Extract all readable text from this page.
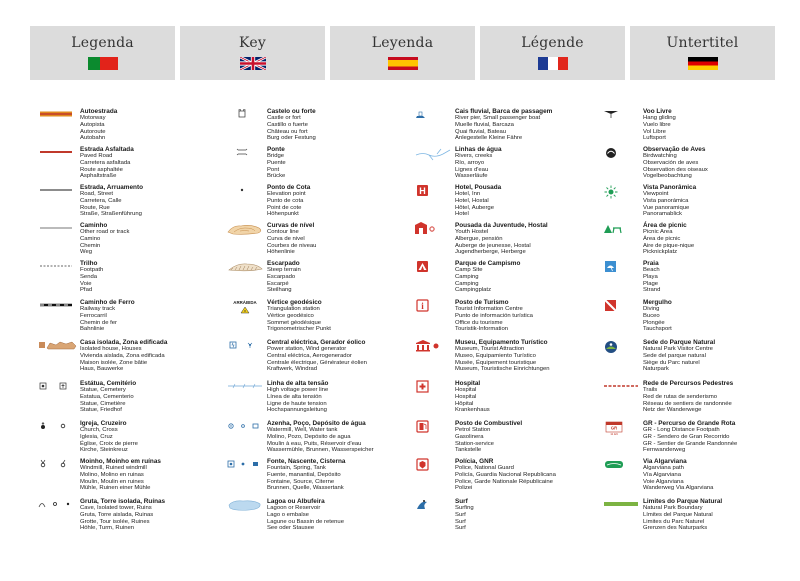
Legenda	Key	Leyenda	Légende	Untertitel
Autoestrada
Motorway
Autopista
Autoroute
Autobahn
Estrada Asfaltada
Paved Road
Carretera asfaltada
Route asphaltée
Asphaltstraße
Estrada, Arruamento
Road, Street
Carretera, Calle
Route, Rue
Straße, Straßenführung
Caminho
Other road or track
Camino
Chemin
Weg
Trilho
Footpath
Senda
Voie
Pfad
Caminho de Ferro
Railway track
Ferrocarril
Chemin de fer
Bahnlinie
Casa isolada, Zona edificada
Isolated house, Houses
Vivienda aislada, Zona edificada
Maison isolée, Zone bâtie
Haus, Bauwerke
Estátua, Cemitério
Statue, Cemetery
Estatua, Cementerio
Statue, Cimetière
Statue, Friedhof
Igreja, Cruzeiro
Church, Cross
Iglesia, Cruz
Église, Croix de pierre
Kirche, Steinkreuz
Moinho, Moinho em ruínas
Windmill, Ruined windmill
Molino, Molino en ruinas
Moulin, Moulin en ruines
Mühle, Ruinen einer Mühle
Gruta, Torre isolada, Ruínas
Cave, Isolated tower, Ruins
Gruta, Torre aislada, Ruinas
Grotte, Tour isolée, Ruines
Höhle, Turm, Ruinen
Castelo ou forte
Castle or fort
Castillo o fuerte
Château ou fort
Burg oder Festung
Ponte
Bridge
Puente
Pont
Brücke
Ponto de Cota
Elevation point
Punto de cota
Point de cote
Höhenpunkt
Curvas de nível
Contour line
Curva de nivel
Courbes de niveau
Höhenlinie
Escarpado
Steep terrain
Escarpado
Escarpé
Steilhang
ARRÁBIDA Vértice geodésico
Triangulation station
Vértice geodésico
Sommet géodésique
Trigonometrischer Punkt
Central eléctrica, Gerador éolico
Power station, Wind generator
Central eléctrica, Aerogenerador
Centrale électrique, Générateur éolien
Kraftwerk, Windrad
Linha de alta tensão
High voltage power line
Línea de alta tensión
Ligne de haute tension
Hochspannungsleitung
Azenha, Poço, Depósito de água
Watermill, Well, Water tank
Molino, Pozo, Depósito de agua
Moulin à eau, Puits, Réservoir d'eau
Wassermühle, Brunnen, Wasserspeicher
Fonte, Nascente, Cisterna
Fountain, Spring, Tank
Fuente, manantial, Depósito
Fontaine, Source, Citerne
Brunnen, Quelle, Wassertank
Lagoa ou Albufeira
Lagoon or Reservoir
Lago o embalse
Lagune ou Bassin de retenue
See oder Stausee
Cais fluvial, Barca de passagem
River pier, Small passenger boat
Muelle fluvial, Barcaza
Quai fluvial, Bateau
Anlegestelle Kleine Fähre
Linhas de água
Rivers, creeks
Río, arroyo
Lignes d'eau
Wasserläufe
H	Hotel, Pousada
Hotel, Inn
Hotel, Hostal
Hôtel, Auberge
Hotel
Pousada da Juventude, Hostal
Youth Hostel
Albergue, pensión
Auberge de jeunesse, Hostal
Jugendherberge, Herberge
Parque de Campismo
Camp Site
Camping
Camping
Campingplatz
i	Posto de Turismo
Tourist Information Centre
Punto de información turística
Office du tourisme
Touristik-Information
Museu, Equipamento Turístico
Museum, Tourist Attraction
Museo, Equipamiento Turístico
Musée, Équipement touristique
Museum, Touristische Einrichtungen
Hospital
Hospital
Hospital
Hôpital
Krankenhaus
Posto de Combustível
Petrol Station
Gasolinera
Station-service
Tankstelle
Polícia, GNR
Police, National Guard
Policía, Guardia Nacional Republicana
Police, Garde Nationale Républicaine
Polizei
Surf
Surfing
Surf
Surf
Surf
Voo Livre
Hang gliding
Vuelo libre
Vol Libre
Luftsport
Observação de Aves
Birdwatching
Observación de aves
Observation des oiseaux
Vogelbeobachtung
Vista Panorâmica
Viewpoint
Vista panorámica
Vue panoramique
Panoramablick
Área de picnic
Picnic Area
Área de picnic
Aire de pique-nique
Picknickplatz
Praia
Beach
Playa
Plage
Strand
Mergulho
Diving
Buceo
Plongée
Tauchsport
Sede do Parque Natural
Natural Park Visitor Centre
Sede del parque natural
Siège du Parc naturel
Naturpark
Rede de Percursos Pedestres
Trails
Red de rutas de senderismo
Réseau de sentiers de randonnée
Netz der Wanderwege
GR
11 E9
GR - Percurso de Grande Rota
GR - Long Distance Footpath
GR - Sendero de Gran Recorrido
GR - Sentier de Grande Randonnée
Fernwanderweg
Via Algarviana
Algarviana path
Vía Algarviana
Voie Algarviana
Wanderweg Via Algarviana
Limites do Parque Natural
Natural Park Boundary
Límites del Parque Natural
Limites du Parc Naturel
Grenzen des Naturparks
